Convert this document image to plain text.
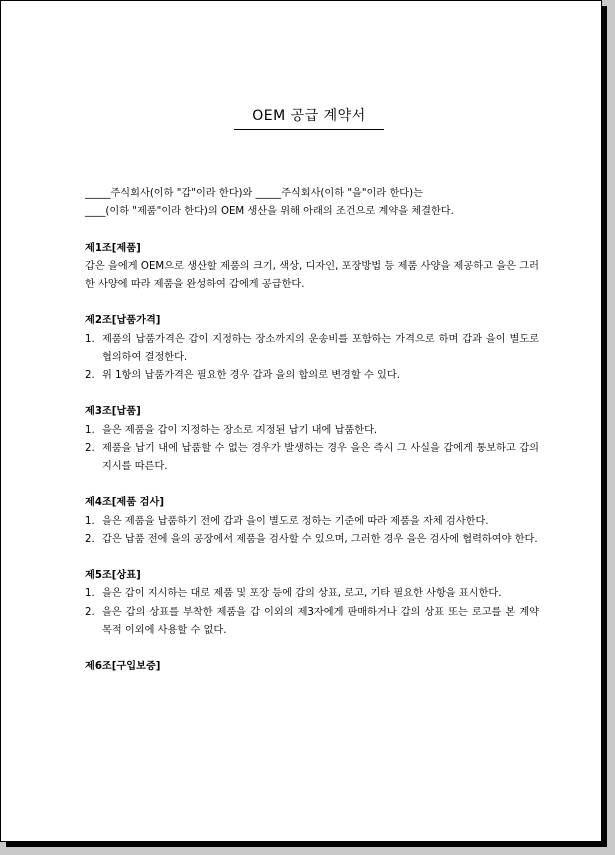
OEM 공급 계약서
_____주식회사(이하 "갑"이라 한다)와 _____주식회사(이하 "을"이라 한다)는
____(이하 "제품"이라 한다)의 OEM 생산을 위해 아래의 조건으로 계약을 체결한다.
제1조[제품]
갑은 을에게 OEM으로 생산할 제품의 크기, 색상, 디자인, 포장방법 등 제품 사양을 제공하고 을은 그러한 사양에 따라 제품을 완성하여 갑에게 공급한다.
제2조[납품가격]
1. 제품의 납품가격은 갑이 지정하는 장소까지의 운송비를 포함하는 가격으로 하며 갑과 을이 별도로 협의하여 결정한다.
2. 위 1항의 납품가격은 필요한 경우 갑과 을의 합의로 변경할 수 있다.
제3조[납품]
1. 을은 제품을 갑이 지정하는 장소로 지정된 납기 내에 납품한다.
2. 제품을 납기 내에 납품할 수 없는 경우가 발생하는 경우 을은 즉시 그 사실을 갑에게 통보하고 갑의 지시를 따른다.
제4조[제품 검사]
1. 을은 제품을 납품하기 전에 갑과 을이 별도로 정하는 기준에 따라 제품을 자체 검사한다.
2. 갑은 납품 전에 을의 공장에서 제품을 검사할 수 있으며, 그러한 경우 을은 검사에 협력하여야 한다.
제5조[상표]
1. 을은 갑이 지시하는 대로 제품 및 포장 등에 갑의 상표, 로고, 기타 필요한 사항을 표시한다.
2. 을은 갑의 상표를 부착한 제품을 갑 이외의 제3자에게 판매하거나 갑의 상표 또는 로고를 본 계약 목적 이외에 사용할 수 없다.
제6조[구입보증]
